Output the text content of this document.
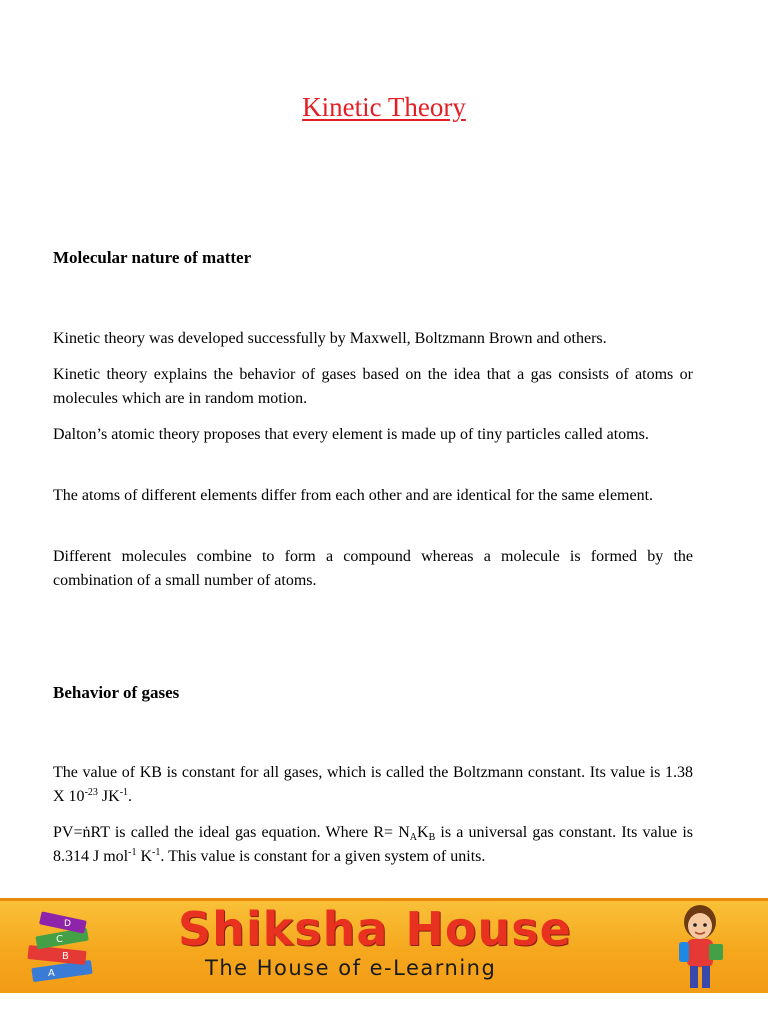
Kinetic Theory
Molecular nature of matter
Kinetic theory was developed successfully by Maxwell, Boltzmann Brown and others.
Kinetic theory explains the behavior of gases based on the idea that a gas consists of atoms or molecules which are in random motion.
Dalton’s atomic theory proposes that every element is made up of tiny particles called atoms.
The atoms of different elements differ from each other and are identical for the same element.
Different molecules combine to form a compound whereas a molecule is formed by the combination of a small number of atoms.
Behavior of gases
The value of KB is constant for all gases, which is called the Boltzmann constant. Its value is 1.38 X $10^{-23}$ $JK^{-1}$.
PV=ṅRT is called the ideal gas equation. Where $R= N_AK_B$ is a universal gas constant. Its value is 8.314 J mol$^{-1}$ $K^{-1}$. This value is constant for a given system of units.
A
B
C
D Shiksha House
The House of e-Learning
